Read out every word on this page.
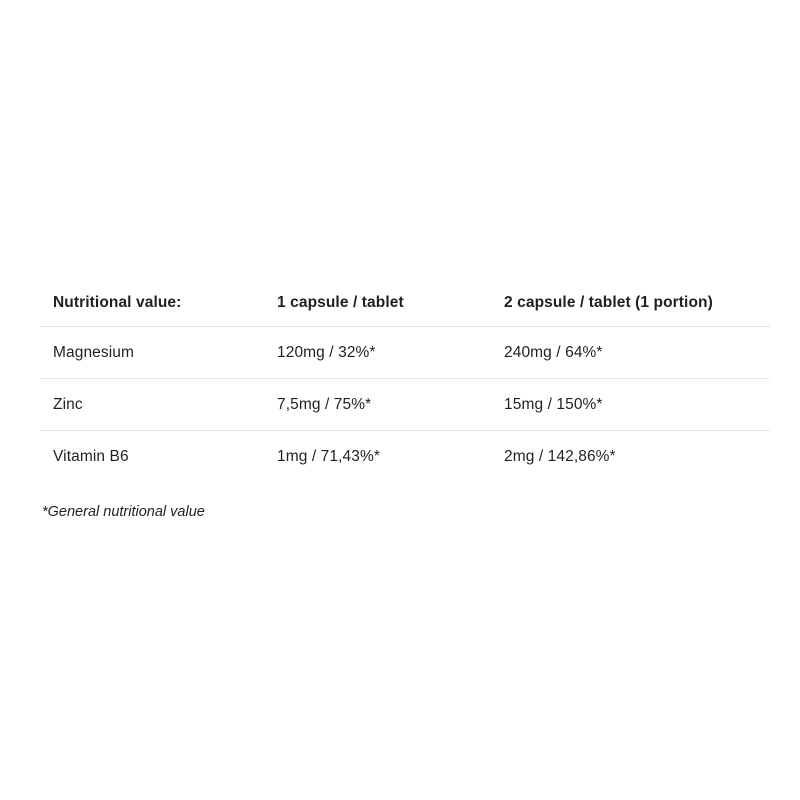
Nutritional value:	1 capsule / tablet	2 capsule / tablet (1 portion)
Magnesium	120mg / 32%*	240mg / 64%*
Zinc	7,5mg / 75%*	15mg / 150%*
Vitamin B6	1mg / 71,43%*	2mg / 142,86%*
*General nutritional value
